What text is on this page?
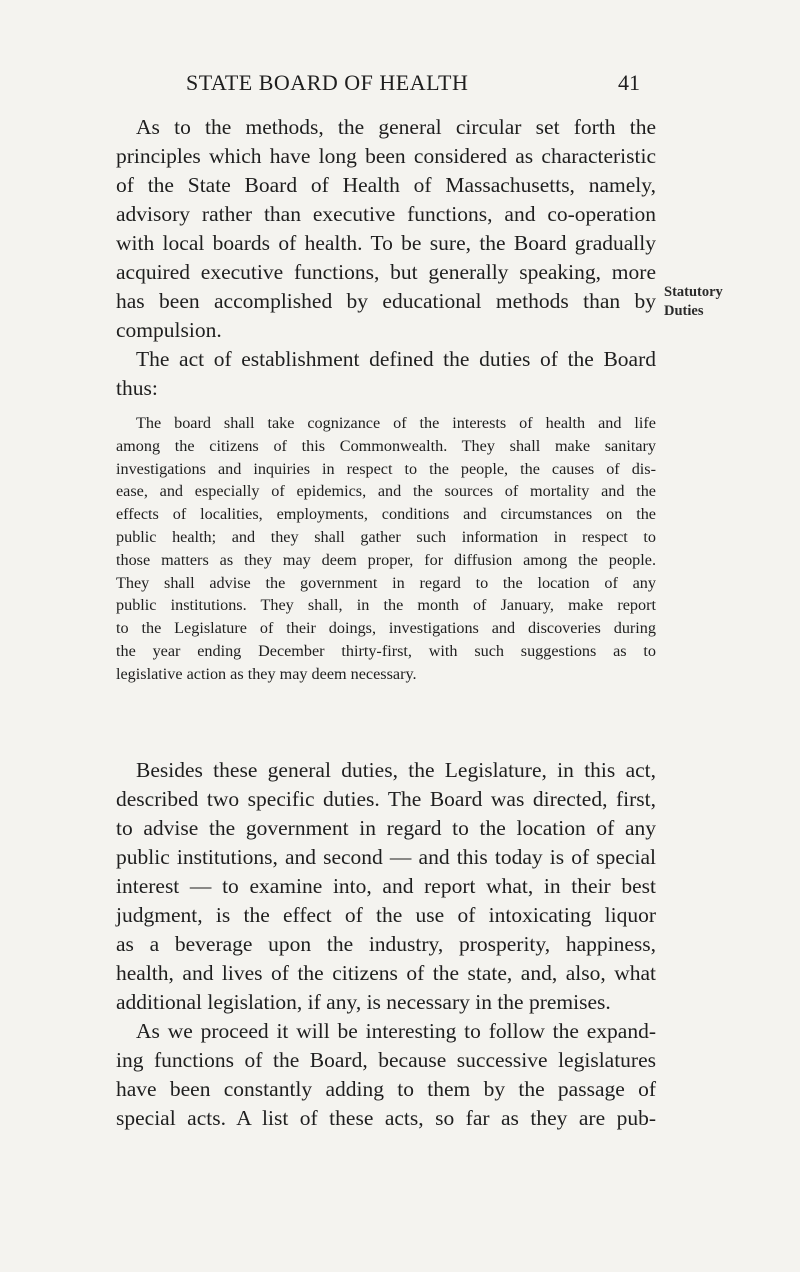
STATE BOARD OF HEALTH	41
As to the methods, the general circular set forth the
principles which have long been considered as characteristic
of the State Board of Health of Massachusetts, namely,
advisory rather than executive functions, and co-operation
with local boards of health. To be sure, the Board gradually
acquired executive functions, but generally speaking, more
has been accomplished by educational methods than by
compulsion.
The act of establishment defined the duties of the Board
thus:
The board shall take cognizance of the interests of health and life
among the citizens of this Commonwealth. They shall make sanitary
investigations and inquiries in respect to the people, the causes of dis-
ease, and especially of epidemics, and the sources of mortality and the
effects of localities, employments, conditions and circumstances on the
public health; and they shall gather such information in respect to
those matters as they may deem proper, for diffusion among the people.
They shall advise the government in regard to the location of any
public institutions. They shall, in the month of January, make report
to the Legislature of their doings, investigations and discoveries during
the year ending December thirty-first, with such suggestions as to
legislative action as they may deem necessary.
Statutory
Duties
Besides these general duties, the Legislature, in this act,
described two specific duties. The Board was directed, first,
to advise the government in regard to the location of any
public institutions, and second — and this today is of special
interest — to examine into, and report what, in their best
judgment, is the effect of the use of intoxicating liquor
as a beverage upon the industry, prosperity, happiness,
health, and lives of the citizens of the state, and, also, what
additional legislation, if any, is necessary in the premises.
As we proceed it will be interesting to follow the expand-
ing functions of the Board, because successive legislatures
have been constantly adding to them by the passage of
special acts. A list of these acts, so far as they are pub-
